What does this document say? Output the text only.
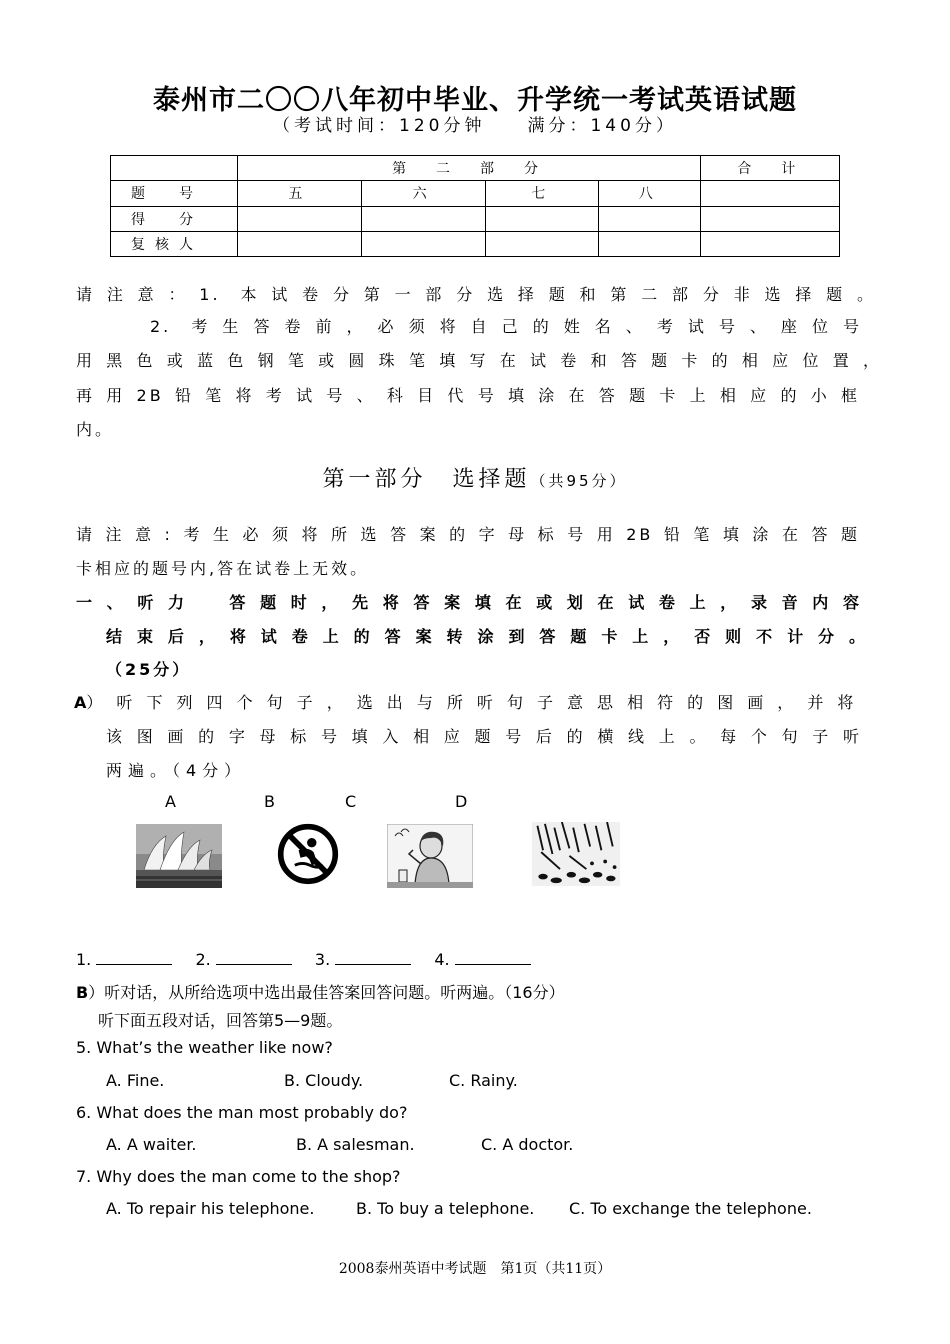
泰州市二〇〇八年初中毕业、升学统一考试英语试题
（考试时间：120分钟　　满分：140分）
	第　二　部　分				合　计
题　号	五	六	七	八	
得　分					
复核人					
请注意：1. 本试卷分第一部分选择题和第二部分非选择题。
2. 考生答卷前，必须将自己的姓名、考试号、座位号
用黑色或蓝色钢笔或圆珠笔填写在试卷和答题卡的相应位置，
再用2B铅笔将考试号、科目代号填涂在答题卡上相应的小框
内。
第一部分　选择题（共95分）
请注意:考生必须将所选答案的字母标号用2B铅笔填涂在答题
卡相应的题号内,答在试卷上无效。
一、听力　答题时，先将答案填在或划在试卷上，录音内容
结束后，将试卷上的答案转涂到答题卡上，否则不计分。
（25分）
A）听下列四个句子，选出与所听句子意思相符的图画，并将
该图画的字母标号填入相应题号后的横线上。每个句子听
两遍。（4分）
A	B	C	D
1.	2.	3.	4.
B）听对话，从所给选项中选出最佳答案回答问题。听两遍。（16分）
听下面五段对话，回答第5—9题。
5. What’s the weather like now?
A. Fine.	B. Cloudy.	C. Rainy.
6. What does the man most probably do?
A. A waiter.	B. A salesman.	C. A doctor.
7. Why does the man come to the shop?
A. To repair his telephone.	B. To buy a telephone. C. To exchange the telephone.
2008泰州英语中考试题　第1页（共11页）
